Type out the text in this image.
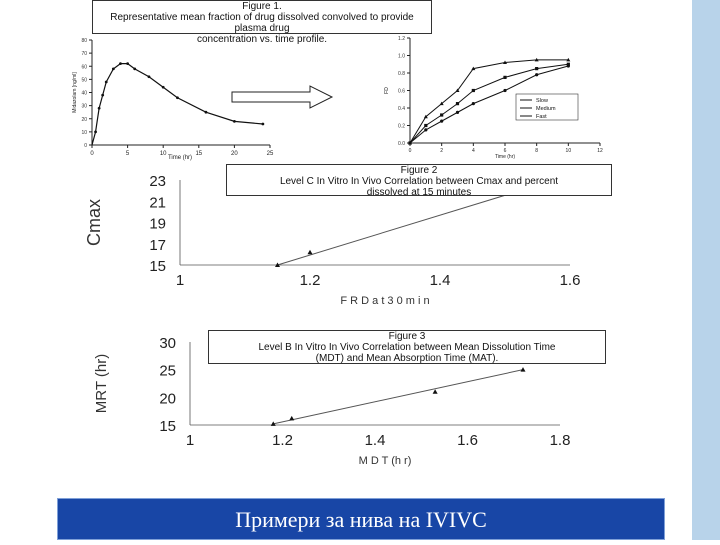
0
10
20
30
40
50
60
70
80
0	5	10	15	20	25
Time (hr)
Midazolam [ng/ml]
0.0
0.2
0.4
0.6
0.8
1.0
1.2
0	2	4	6	8	10	12
Time (hr)
FD
Slow
Medium
Fast
15
17
19
21
23
1	1.2	1.4	1.6
F R D a t 3 0 m i n
Cmax
15
20
25
30
1	1.2	1.4	1.6	1.8
M D T (h r)
MRT (hr)
Figure 1.
Representative mean fraction of drug dissolved convolved to provide plasma drug
concentration vs. time profile.
Figure 2
Level C In Vitro In Vivo Correlation between Cmax and percent
dissolved at 15 minutes
Figure 3
Level B In Vitro In Vivo Correlation between Mean Dissolution Time
(MDT) and Mean Absorption Time (MAT).
Примери за нива на IVIVC
